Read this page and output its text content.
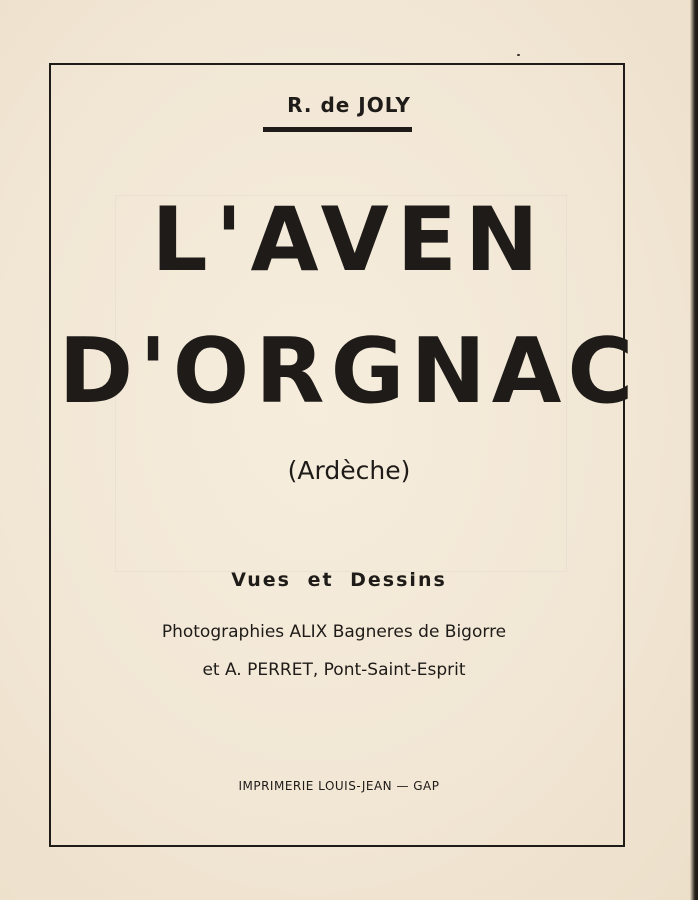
R. de JOLY
L'AVEN
D'ORGNAC
(Ardèche)
Vues et Dessins
Photographies ALIX Bagneres de Bigorre
et A. PERRET, Pont-Saint-Esprit
IMPRIMERIE LOUIS-JEAN — GAP
